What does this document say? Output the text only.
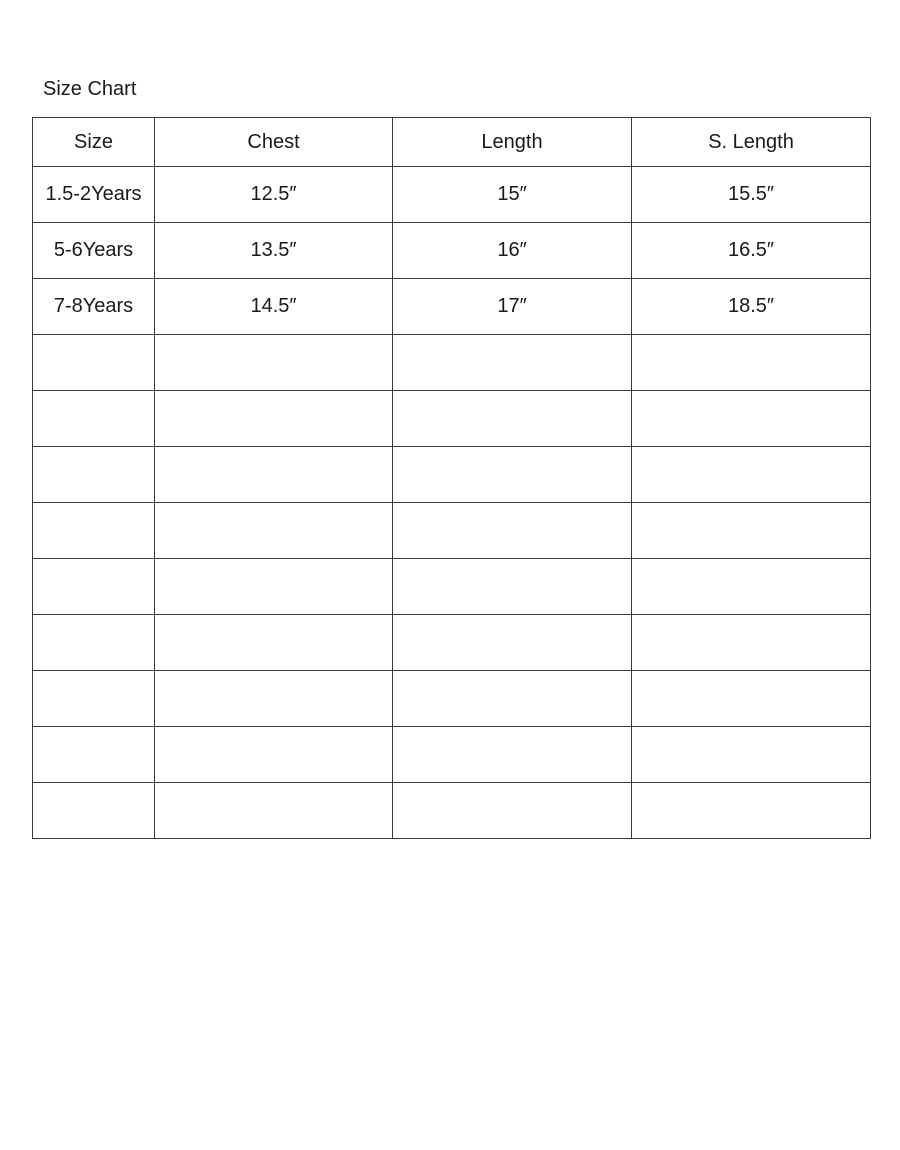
Size Chart
Size	Chest	Length	S. Length
1.5-2Years	12.5″	15″	15.5″
5-6Years	13.5″	16″	16.5″
7-8Years	14.5″	17″	18.5″
